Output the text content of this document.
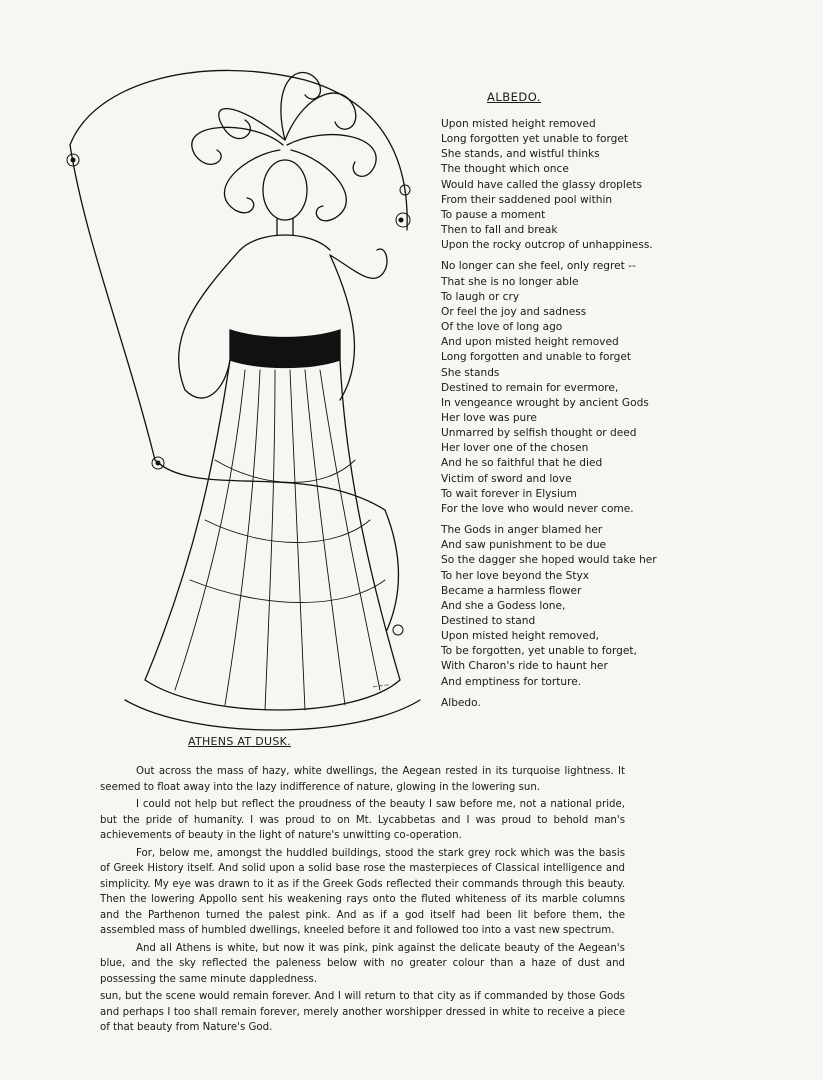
~~~
ALBEDO.
Upon misted height removed
Long forgotten yet unable to forget
She stands, and wistful thinks
The thought which once
Would have called the glassy droplets
From their saddened pool within
To pause a moment
Then to fall and break
Upon the rocky outcrop of unhappiness.
No longer can she feel, only regret --
That she is no longer able
To laugh or cry
Or feel the joy and sadness
Of the love of long ago
And upon misted height removed
Long forgotten and unable to forget
She stands
Destined to remain for evermore,
In vengeance wrought by ancient Gods
Her love was pure
Unmarred by selfish thought or deed
Her lover one of the chosen
And he so faithful that he died
Victim of sword and love
To wait forever in Elysium
For the love who would never come.
The Gods in anger blamed her
And saw punishment to be due
So the dagger she hoped would take her
To her love beyond the Styx
Became a harmless flower
And she a Godess lone,
Destined to stand
Upon misted height removed,
To be forgotten, yet unable to forget,
With Charon's ride to haunt her
And emptiness for torture.
Albedo.
ATHENS AT DUSK.

Out across the mass of hazy, white dwellings, the Aegean rested in its turquoise lightness. It seemed to float away into the lazy indifference of nature, glowing in the lowering sun.

I could not help but reflect the proudness of the beauty I saw before me, not a national pride, but the pride of humanity. I was proud to on Mt. Lycabbetas and I was proud to behold man's achievements of beauty in the light of nature's unwitting co-operation.

For, below me, amongst the huddled buildings, stood the stark grey rock which was the basis of Greek History itself. And solid upon a solid base rose the masterpieces of Classical intelligence and simplicity. My eye was drawn to it as if the Greek Gods reflected their commands through this beauty. Then the lowering Appollo sent his weakening rays onto the fluted whiteness of its marble columns and the Parthenon turned the palest pink. And as if a god itself had been lit before them, the assembled mass of humbled dwellings, kneeled before it and followed too into a vast new spectrum.

And all Athens is white, but now it was pink, pink against the delicate beauty of the Aegean's blue, and the sky reflected the paleness below with no greater colour than a haze of dust and possessing the same minute dappledness.

sun, but the scene would remain forever. And I will return to that city as if commanded by those Gods and perhaps I too shall remain forever, merely another worshipper dressed in white to receive a piece of that beauty from Nature's God.
